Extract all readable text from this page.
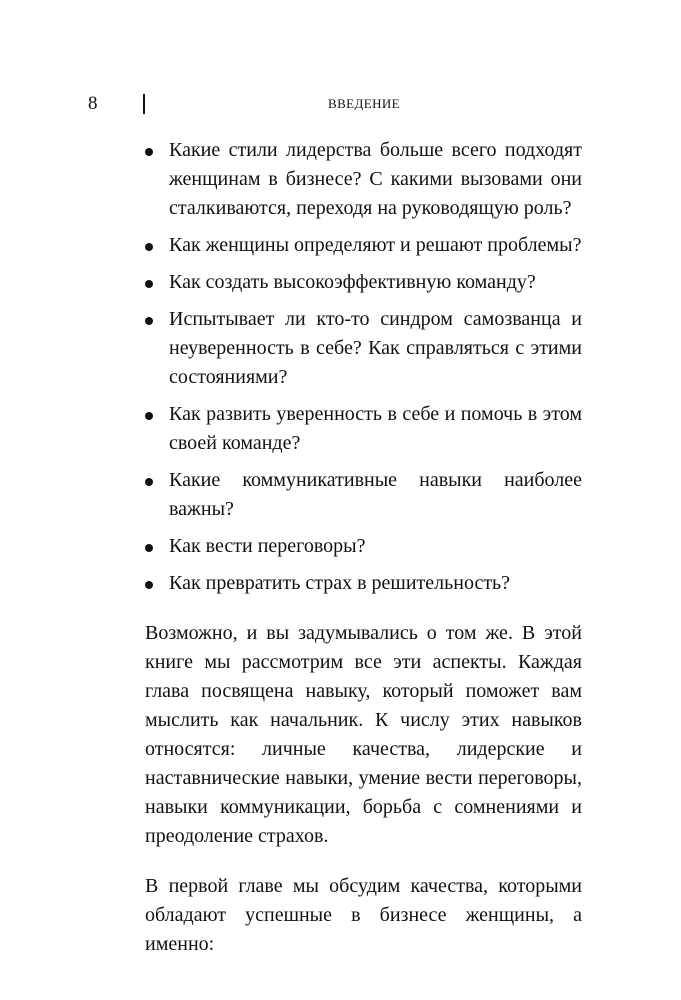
8	ВВЕДЕНИЕ
Какие стили лидерства больше всего подходят женщинам в бизнесе? С какими вызовами они сталкиваются, переходя на руководящую роль?
Как женщины определяют и решают проблемы?
Как создать высокоэффективную команду?
Испытывает ли кто-то синдром самозванца и неуверенность в себе? Как справляться с этими состояниями?
Как развить уверенность в себе и помочь в этом своей команде?
Какие коммуникативные навыки наиболее важны?
Как вести переговоры?
Как превратить страх в решительность?

Возможно, и вы задумывались о том же. В этой книге мы рассмотрим все эти аспекты. Каждая глава посвящена навыку, который поможет вам мыслить как начальник. К числу этих навыков относятся: личные качества, лидерские и наставнические навыки, умение вести переговоры, навыки коммуникации, борьба с сомнениями и преодоление страхов.

В первой главе мы обсудим качества, которыми обладают успешные в бизнесе женщины, а именно:
